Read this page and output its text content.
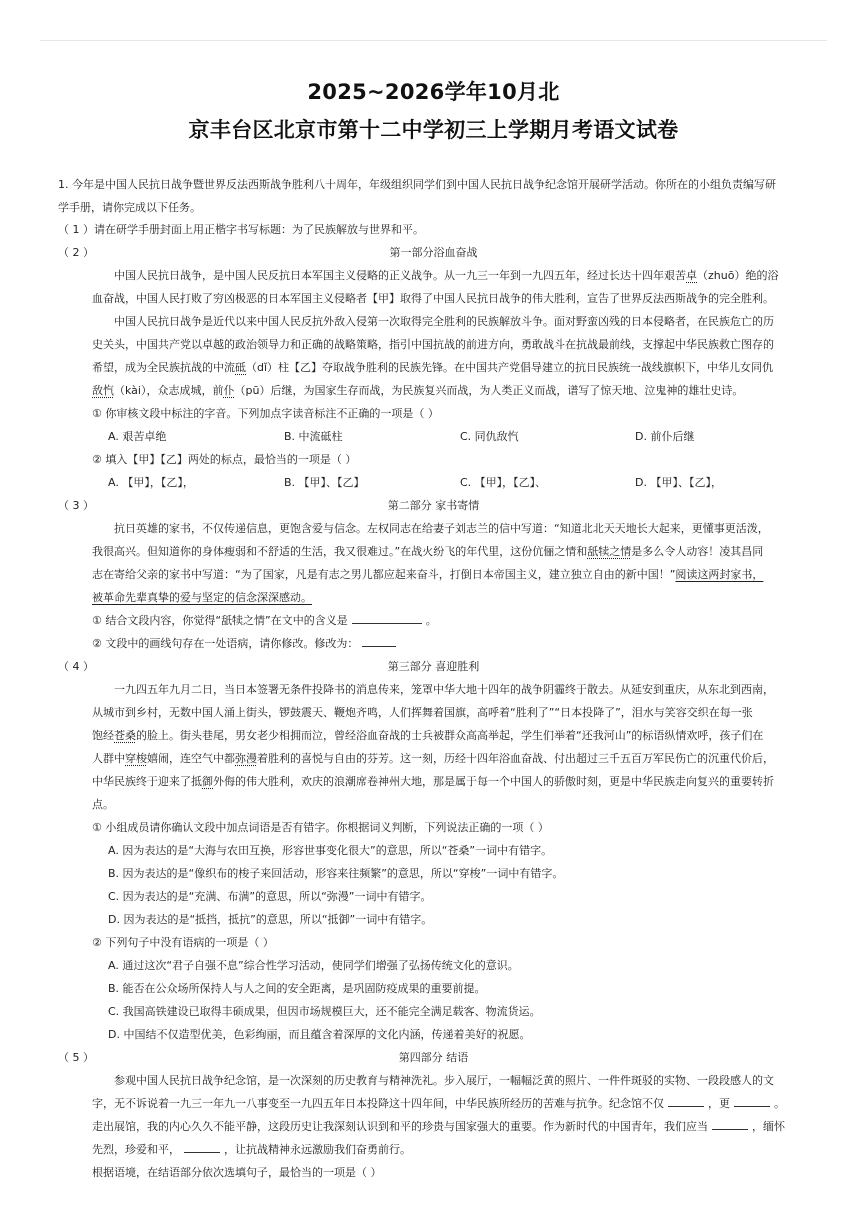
2025~2026学年10月北
京丰台区北京市第十二中学初三上学期月考语文试卷
1. 今年是中国人民抗日战争暨世界反法西斯战争胜利八十周年，年级组织同学们到中国人民抗日战争纪念馆开展研学活动。你所在的小组负责编写研
学手册，请你完成以下任务。
（ 1 ）请在研学手册封面上用正楷字书写标题：为了民族解放与世界和平。
（ 2 ）	第一部分浴血奋战
中国人民抗日战争，是中国人民反抗日本军国主义侵略的正义战争。从一九三一年到一九四五年，经过长达十四年艰苦卓（zhuō）绝的浴
血奋战，中国人民打败了穷凶极恶的日本军国主义侵略者【甲】取得了中国人民抗日战争的伟大胜利，宣告了世界反法西斯战争的完全胜利。
中国人民抗日战争是近代以来中国人民反抗外敌入侵第一次取得完全胜利的民族解放斗争。面对野蛮凶残的日本侵略者，在民族危亡的历
史关头，中国共产党以卓越的政治领导力和正确的战略策略，指引中国抗战的前进方向，勇敢战斗在抗战最前线，支撑起中华民族救亡图存的
希望，成为全民族抗战的中流砥（dǐ）柱【乙】夺取战争胜利的民族先锋。在中国共产党倡导建立的抗日民族统一战线旗帜下，中华儿女同仇
敌忾（kài），众志成城，前仆（pū）后继，为国家生存而战，为民族复兴而战，为人类正义而战，谱写了惊天地、泣鬼神的雄壮史诗。
① 你审核文段中标注的字音。下列加点字读音标注不正确的一项是（ ）
A. 艰苦卓绝	B. 中流砥柱	C. 同仇敌忾	D. 前仆后继
② 填入【甲】【乙】两处的标点，最恰当的一项是（ ）
A. 【甲】，【乙】，	B. 【甲】、【乙】	C. 【甲】，【乙】、	D. 【甲】、【乙】，
（ 3 ）	第二部分 家书寄情
抗日英雄的家书，不仅传递信息，更饱含爱与信念。左权同志在给妻子刘志兰的信中写道：“知道北北天天地长大起来，更懂事更活泼，
我很高兴。但知道你的身体瘦弱和不舒适的生活，我又很难过。”在战火纷飞的年代里，这份伉俪之情和舐犊之情是多么令人动容！凌其昌同
志在寄给父亲的家书中写道：“为了国家，凡是有志之男儿都应起来奋斗，打倒日本帝国主义，建立独立自由的新中国！”阅读这两封家书，
被革命先辈真挚的爱与坚定的信念深深感动。
① 结合文段内容，你觉得“舐犊之情”在文中的含义是	。
② 文段中的画线句存在一处语病，请你修改。修改为：
（ 4 ）	第三部分 喜迎胜利
一九四五年九月二日，当日本签署无条件投降书的消息传来，笼罩中华大地十四年的战争阴霾终于散去。从延安到重庆，从东北到西南，
从城市到乡村，无数中国人涌上街头，锣鼓震天、鞭炮齐鸣，人们挥舞着国旗，高呼着“胜利了”“日本投降了”，泪水与笑容交织在每一张
饱经苍桑的脸上。街头巷尾，男女老少相拥而泣，曾经浴血奋战的士兵被群众高高举起，学生们举着“还我河山”的标语纵情欢呼，孩子们在
人群中穿梭嬉闹，连空气中都弥漫着胜利的喜悦与自由的芬芳。这一刻，历经十四年浴血奋战、付出超过三千五百万军民伤亡的沉重代价后，
中华民族终于迎来了抵御外侮的伟大胜利，欢庆的浪潮席卷神州大地，那是属于每一个中国人的骄傲时刻，更是中华民族走向复兴的重要转折
点。
① 小组成员请你确认文段中加点词语是否有错字。你根据词义判断，下列说法正确的一项（ ）
A. 因为表达的是“大海与农田互换，形容世事变化很大”的意思，所以“苍桑”一词中有错字。
B. 因为表达的是“像织布的梭子来回活动，形容来往频繁”的意思，所以“穿梭”一词中有错字。
C. 因为表达的是“充满、布满”的意思，所以“弥漫”一词中有错字。
D. 因为表达的是“抵挡，抵抗”的意思，所以“抵御”一词中有错字。
② 下列句子中没有语病的一项是（ ）
A. 通过这次“君子自强不息”综合性学习活动，使同学们增强了弘扬传统文化的意识。
B. 能否在公众场所保持人与人之间的安全距离，是巩固防疫成果的重要前提。
C. 我国高铁建设已取得丰硕成果，但因市场规模巨大，还不能完全满足载客、物流货运。
D. 中国结不仅造型优美，色彩绚丽，而且蕴含着深厚的文化内涵，传递着美好的祝愿。
（ 5 ）	第四部分 结语
参观中国人民抗日战争纪念馆，是一次深刻的历史教育与精神洗礼。步入展厅，一幅幅泛黄的照片、一件件斑驳的实物、一段段感人的文
字，无不诉说着一九三一年九一八事变至一九四五年日本投降这十四年间，中华民族所经历的苦难与抗争。纪念馆不仅	，更	。
走出展馆，我的内心久久不能平静，这段历史让我深刻认识到和平的珍贵与国家强大的重要。作为新时代的中国青年，我们应当	，缅怀
先烈，珍爱和平，	，让抗战精神永远激励我们奋勇前行。
根据语境，在结语部分依次选填句子，最恰当的一项是（ ）
